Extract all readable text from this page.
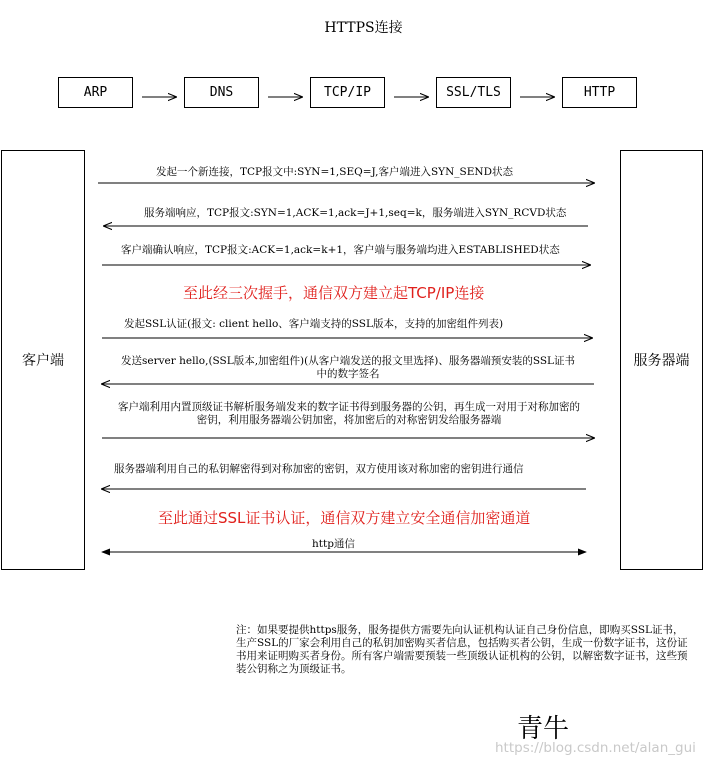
HTTPS连接
ARP	DNS	TCP/IP	SSL/TLS	HTTP
客户端	服务器端
发起一个新连接，TCP报文中:SYN=1,SEQ=J,客户端进入SYN_SEND状态
服务端响应，TCP报文:SYN=1,ACK=1,ack=J+1,seq=k，服务端进入SYN_RCVD状态
客户端确认响应，TCP报文:ACK=1,ack=k+1，客户端与服务端均进入ESTABLISHED状态
至此经三次握手，通信双方建立起TCP/IP连接
发起SSL认证(报文: client hello、客户端支持的SSL版本，支持的加密组件列表)
发送server hello,(SSL版本,加密组件)(从客户端发送的报文里选择)、服务器端预安装的SSL证书中的数字签名
客户端利用内置顶级证书解析服务端发来的数字证书得到服务器的公钥，再生成一对用于对称加密的密钥，利用服务器端公钥加密，将加密后的对称密钥发给服务器端
服务器端利用自己的私钥解密得到对称加密的密钥，双方使用该对称加密的密钥进行通信
至此通过SSL证书认证，通信双方建立安全通信加密通道
http通信
注：如果要提供https服务，服务提供方需要先向认证机构认证自己身份信息，即购买SSL证书，生产SSL的厂家会利用自己的私钥加密购买者信息，包括购买者公钥，生成一份数字证书，这份证书用来证明购买者身份。所有客户端需要预装一些顶级认证机构的公钥，以解密数字证书，这些预装公钥称之为顶级证书。
青牛
https://blog.csdn.net/alan_gui
